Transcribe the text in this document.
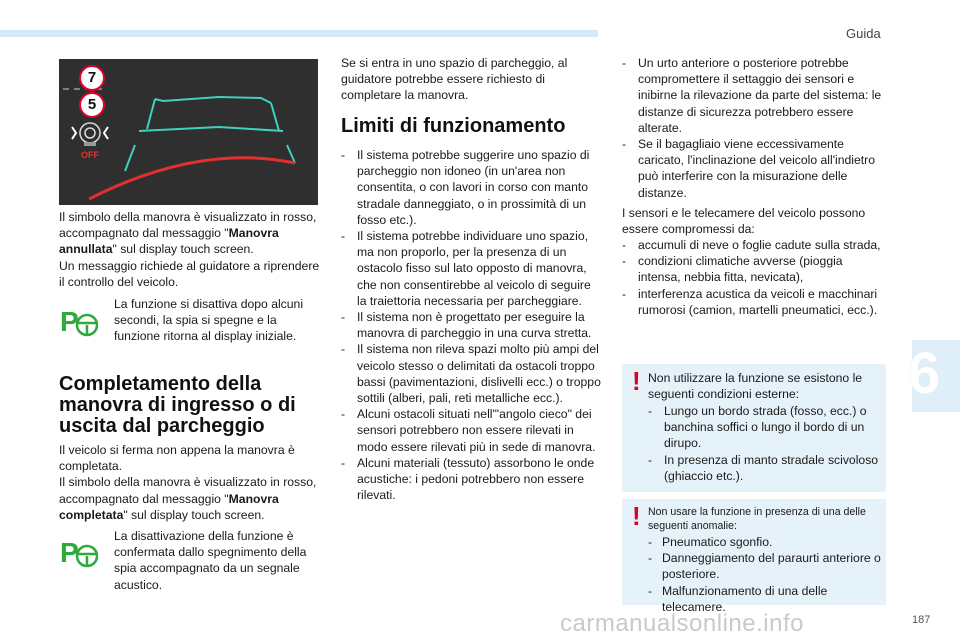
Guida
6
187
carmanualsonline.info
7
5
OFF

Il simbolo della manovra è visualizzato in rosso, accompagnato dal messaggio "Manovra annullata" sul display touch screen.
Un messaggio richiede al guidatore a riprendere il controllo del veicolo.

P

La funzione si disattiva dopo alcuni secondi, la spia si spegne e la funzione ritorna al display iniziale.

Completamento della manovra di ingresso o di uscita dal parcheggio

Il veicolo si ferma non appena la manovra è completata.
Il simbolo della manovra è visualizzato in rosso, accompagnato dal messaggio "Manovra completata" sul display touch screen.

P

La disattivazione della funzione è confermata dallo spegnimento della spia accompagnato da un segnale acustico.

Se si entra in uno spazio di parcheggio, al guidatore potrebbe essere richiesto di completare la manovra.

Limiti di funzionamento
- Il sistema potrebbe suggerire uno spazio di parcheggio non idoneo (in un'area non consentita, o con lavori in corso con manto stradale danneggiato, o in prossimità di un fosso etc.).
- Il sistema potrebbe individuare uno spazio, ma non proporlo, per la presenza di un ostacolo fisso sul lato opposto di manovra, che non consentirebbe al veicolo di seguire la traiettoria necessaria per parcheggiare.
- Il sistema non è progettato per eseguire la manovra di parcheggio in una curva stretta.
- Il sistema non rileva spazi molto più ampi del veicolo stesso o delimitati da ostacoli troppo bassi (pavimentazioni, dislivelli ecc.) o troppo sottili (alberi, pali, reti metalliche ecc.).
- Alcuni ostacoli situati nell'"angolo cieco" dei sensori potrebbero non essere rilevati in modo essere rilevati più in sede di manovra.
- Alcuni materiali (tessuto) assorbono le onde acustiche: i pedoni potrebbero non essere rilevati.
- Un urto anteriore o posteriore potrebbe compromettere il settaggio dei sensori e inibirne la rilevazione da parte del sistema: le distanze di sicurezza potrebbero essere alterate.
- Se il bagagliaio viene eccessivamente caricato, l'inclinazione del veicolo all'indietro può interferire con la misurazione delle distanze.

I sensori e le telecamere del veicolo possono essere compromessi da:

- accumuli di neve o foglie cadute sulla strada,
- condizioni climatiche avverse (pioggia intensa, nebbia fitta, nevicata),
- interferenza acustica da veicoli e macchinari rumorosi (camion, martelli pneumatici, ecc.).
! Non utilizzare la funzione se esistono le seguenti condizioni esterne:

- Lungo un bordo strada (fosso, ecc.) o banchina soffici o lungo il bordo di un dirupo.
- In presenza di manto stradale scivoloso (ghiaccio etc.).
! Non usare la funzione in presenza di una delle seguenti anomalie:

- Pneumatico sgonfio.
- Danneggiamento del paraurti anteriore o posteriore.
- Malfunzionamento di una delle telecamere.
